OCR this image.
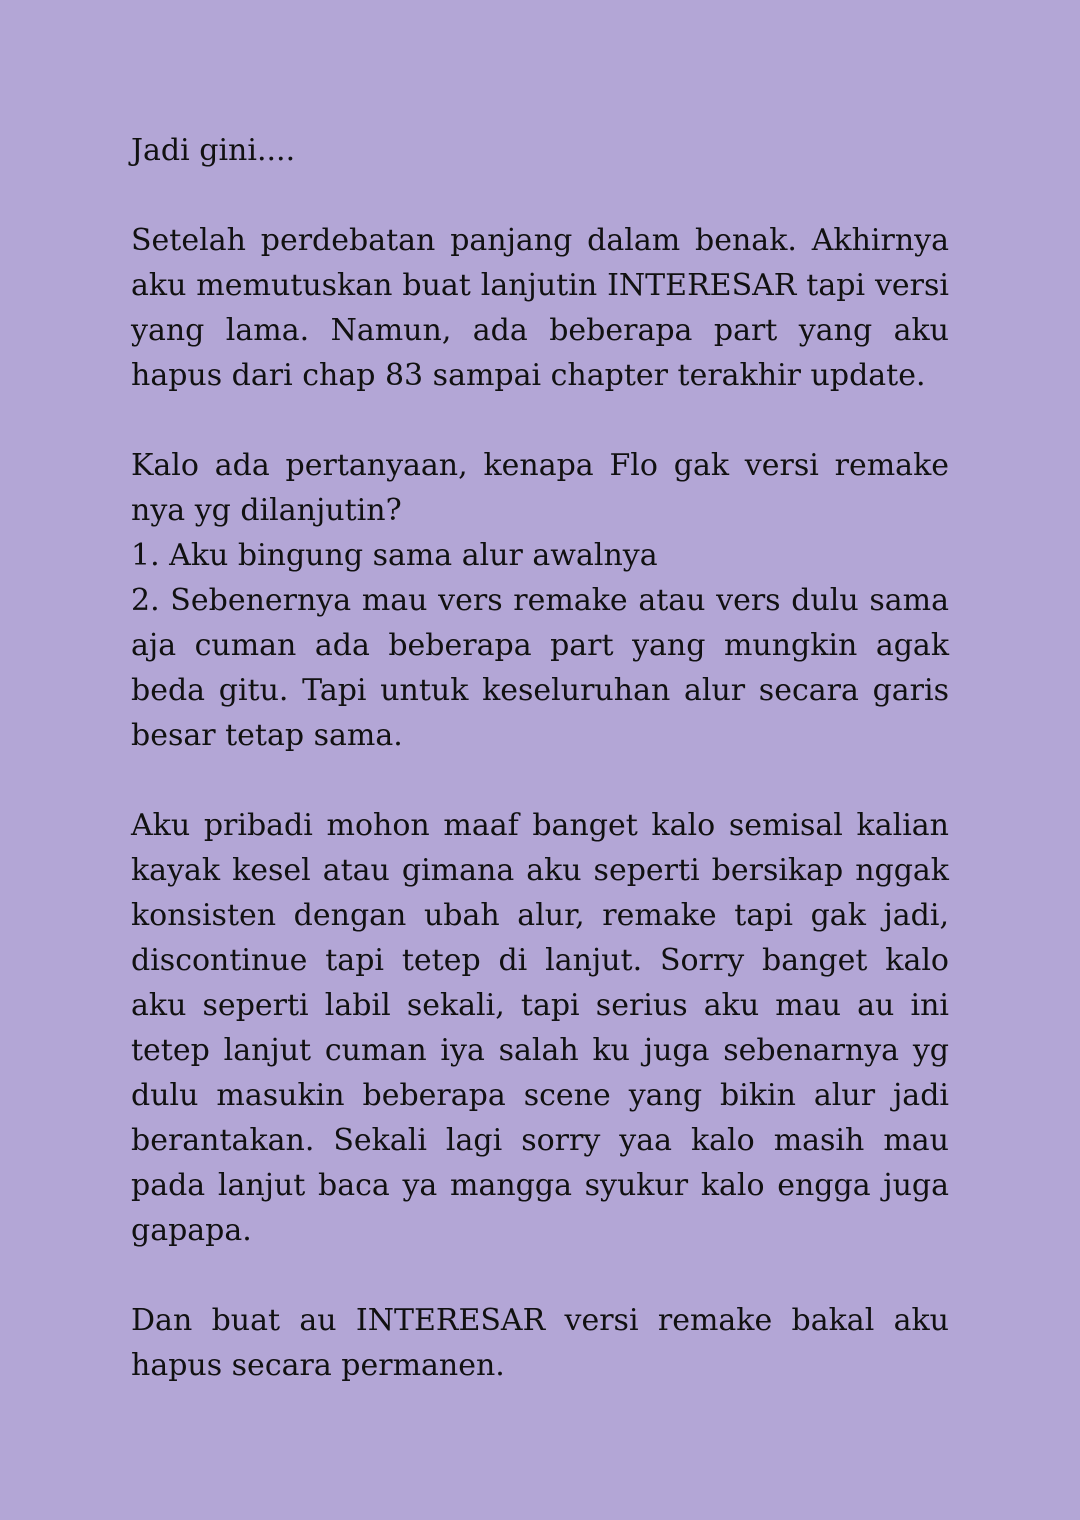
Jadi gini....

Setelah perdebatan panjang dalam benak. Akhirnya aku memutuskan buat lanjutin INTERESAR tapi versi yang lama. Namun, ada beberapa part yang aku hapus dari chap 83 sampai chapter terakhir update.

Kalo ada pertanyaan, kenapa Flo gak versi remake nya yg dilanjutin?

1. Aku bingung sama alur awalnya

2. Sebenernya mau vers remake atau vers dulu sama aja cuman ada beberapa part yang mungkin agak beda gitu. Tapi untuk keseluruhan alur secara garis besar tetap sama.

Aku pribadi mohon maaf banget kalo semisal kalian kayak kesel atau gimana aku seperti bersikap nggak konsisten dengan ubah alur, remake tapi gak jadi, discontinue tapi tetep di lanjut. Sorry banget kalo aku seperti labil sekali, tapi serius aku mau au ini tetep lanjut cuman iya salah ku juga sebenarnya yg dulu masukin beberapa scene yang bikin alur jadi berantakan. Sekali lagi sorry yaa kalo masih mau pada lanjut baca ya mangga syukur kalo engga juga gapapa.

Dan buat au INTERESAR versi remake bakal aku hapus secara permanen.
